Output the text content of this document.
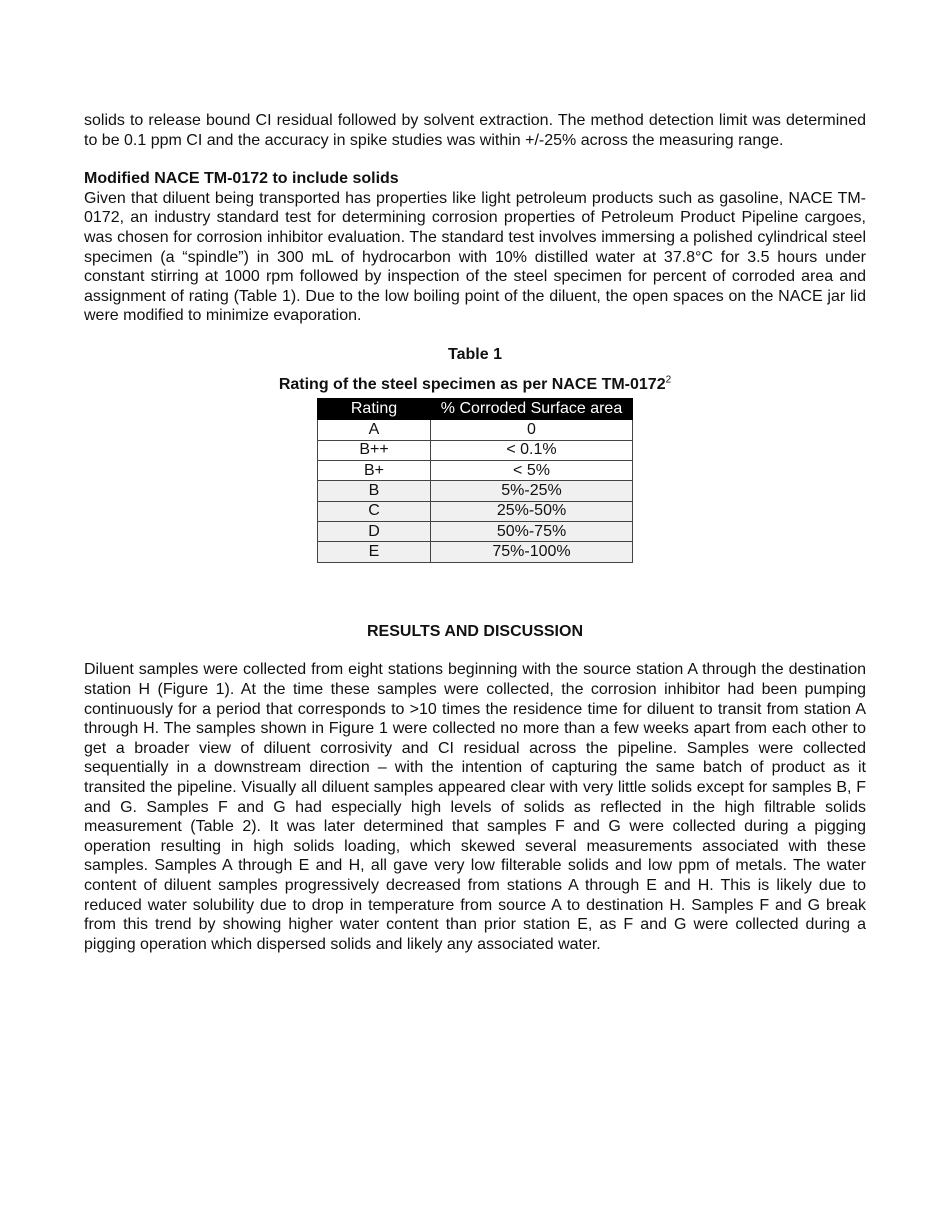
solids to release bound CI residual followed by solvent extraction. The method detection limit was determined to be 0.1 ppm CI and the accuracy in spike studies was within +/-25% across the measuring range.

Modified NACE TM-0172 to include solids

Given that diluent being transported has properties like light petroleum products such as gasoline, NACE TM-0172, an industry standard test for determining corrosion properties of Petroleum Product Pipeline cargoes, was chosen for corrosion inhibitor evaluation. The standard test involves immersing a polished cylindrical steel specimen (a “spindle”) in 300 mL of hydrocarbon with 10% distilled water at 37.8°C for 3.5 hours under constant stirring at 1000 rpm followed by inspection of the steel specimen for percent of corroded area and assignment of rating (Table 1). Due to the low boiling point of the diluent, the open spaces on the NACE jar lid were modified to minimize evaporation.

Table 1

Rating of the steel specimen as per NACE TM-0172$^2$

Rating	% Corroded Surface area
A	0
B++	< 0.1%
B+	< 5%
B	5%-25%
C	25%-50%
D	50%-75%
E	75%-100%

RESULTS AND DISCUSSION

Diluent samples were collected from eight stations beginning with the source station A through the destination station H (Figure 1). At the time these samples were collected, the corrosion inhibitor had been pumping continuously for a period that corresponds to >10 times the residence time for diluent to transit from station A through H. The samples shown in Figure 1 were collected no more than a few weeks apart from each other to get a broader view of diluent corrosivity and CI residual across the pipeline. Samples were collected sequentially in a downstream direction – with the intention of capturing the same batch of product as it transited the pipeline. Visually all diluent samples appeared clear with very little solids except for samples B, F and G. Samples F and G had especially high levels of solids as reflected in the high filtrable solids measurement (Table 2). It was later determined that samples F and G were collected during a pigging operation resulting in high solids loading, which skewed several measurements associated with these samples. Samples A through E and H, all gave very low filterable solids and low ppm of metals. The water content of diluent samples progressively decreased from stations A through E and H. This is likely due to reduced water solubility due to drop in temperature from source A to destination H. Samples F and G break from this trend by showing higher water content than prior station E, as F and G were collected during a pigging operation which dispersed solids and likely any associated water.
